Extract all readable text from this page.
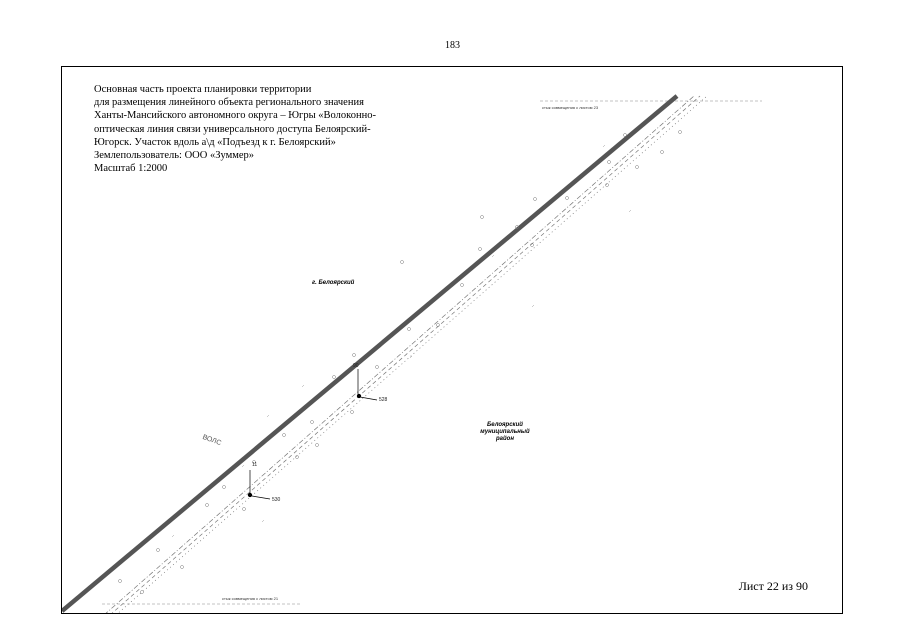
183
Основная часть проекта планировки территории
для размещения линейного объекта регионального значения
Ханты-Мансийского автономного округа – Югры «Волоконно-
оптическая линия связи универсального доступа Белоярский-
Югорск. Участок вдоль а\д «Подъезд к г. Белоярский»
Землепользователь: ООО «Зуммер»
Масштаб 1:2000
стык совмещения с листом 23
стык совмещения с листом 21
г. Белоярский
Белоярский
муниципальный
район
ВОЛС
90
528
11
530
Лист 22 из 90
